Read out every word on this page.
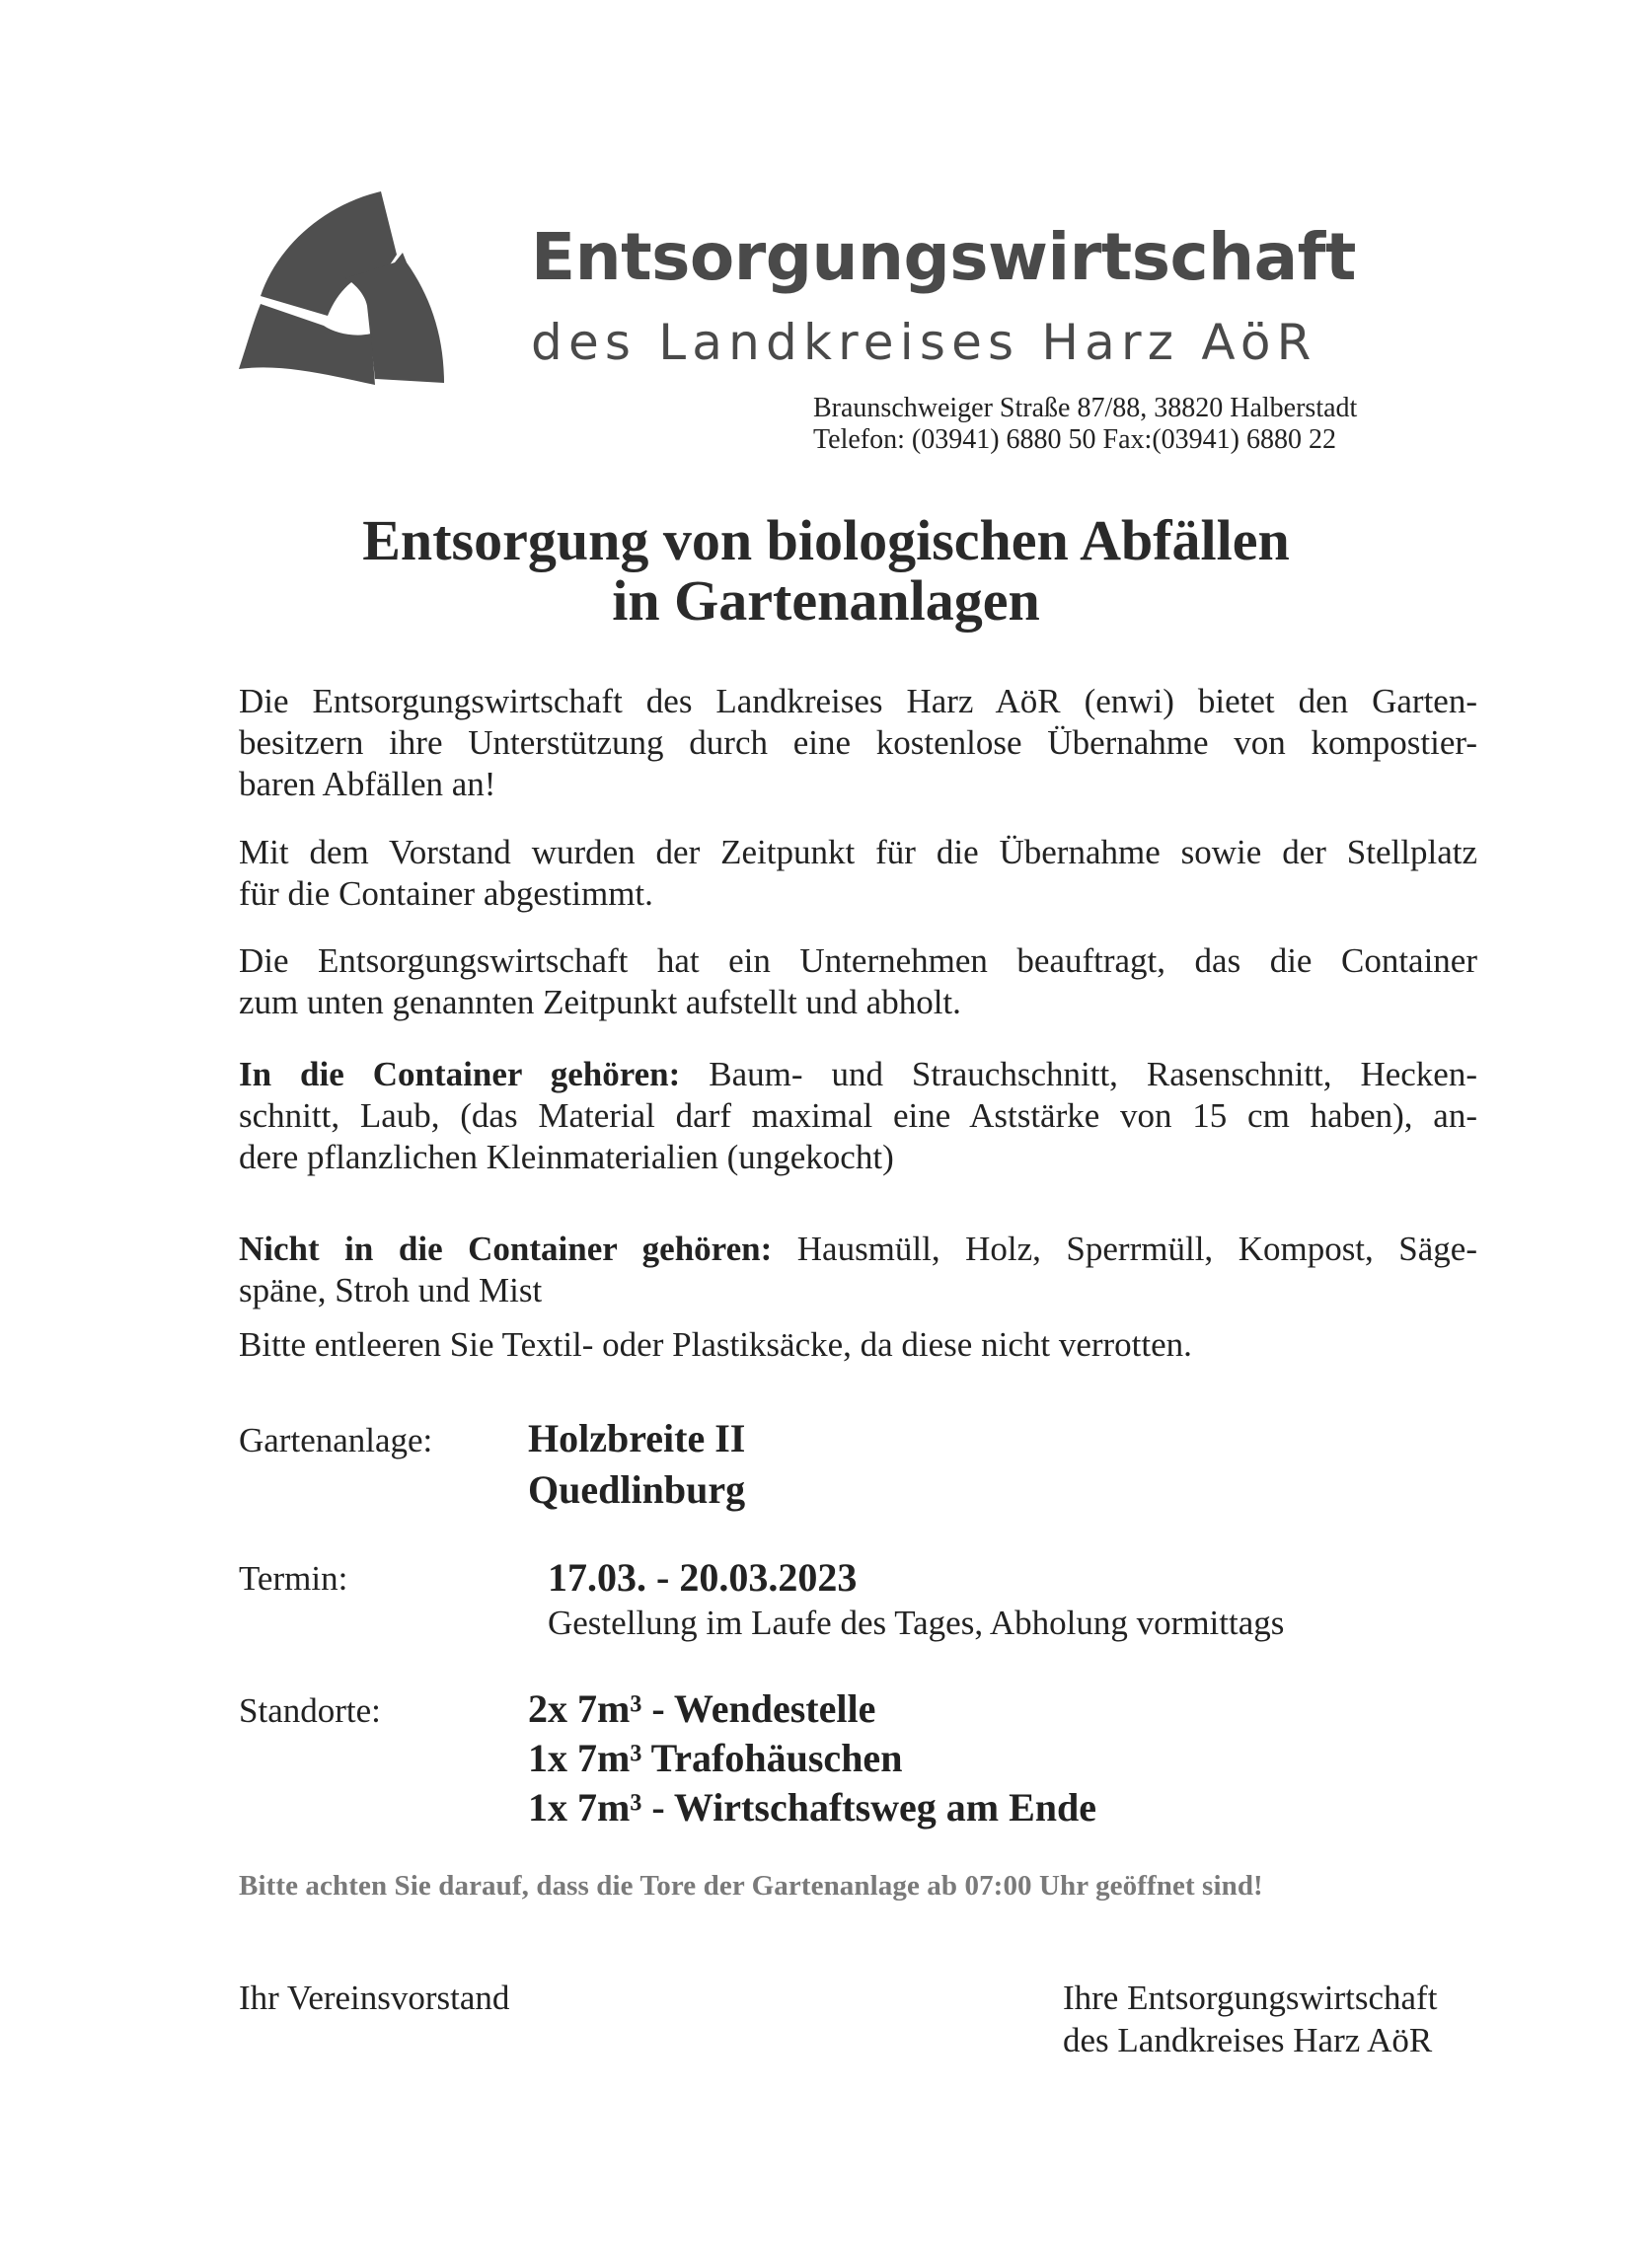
Entsorgungswirtschaft
des Landkreises Harz AöR
Braunschweiger Straße 87/88, 38820 Halberstadt
Telefon: (03941) 6880 50 Fax:(03941) 6880 22
Entsorgung von biologischen Abfällen
in Gartenanlagen
Die Entsorgungswirtschaft des Landkreises Harz AöR (enwi) bietet den Garten-
besitzern ihre Unterstützung durch eine kostenlose Übernahme von kompostier-
baren Abfällen an!
Mit dem Vorstand wurden der Zeitpunkt für die Übernahme sowie der Stellplatz
für die Container abgestimmt.
Die Entsorgungswirtschaft hat ein Unternehmen beauftragt, das die Container
zum unten genannten Zeitpunkt aufstellt und abholt.
In die Container gehören: Baum- und Strauchschnitt, Rasenschnitt, Hecken-
schnitt, Laub, (das Material darf maximal eine Aststärke von 15 cm haben), an-
dere pflanzlichen Kleinmaterialien (ungekocht)
Nicht in die Container gehören: Hausmüll, Holz, Sperrmüll, Kompost, Säge-
späne, Stroh und Mist
Bitte entleeren Sie Textil- oder Plastiksäcke, da diese nicht verrotten.
Gartenanlage: Holzbreite II
Quedlinburg
Termin:	17.03. - 20.03.2023
Gestellung im Laufe des Tages, Abholung vormittags
Standorte:	2x 7m³ - Wendestelle
1x 7m³ Trafohäuschen
1x 7m³ - Wirtschaftsweg am Ende
Bitte achten Sie darauf, dass die Tore der Gartenanlage ab 07:00 Uhr geöffnet sind!
Ihr Vereinsvorstand	Ihre Entsorgungswirtschaft
des Landkreises Harz AöR
